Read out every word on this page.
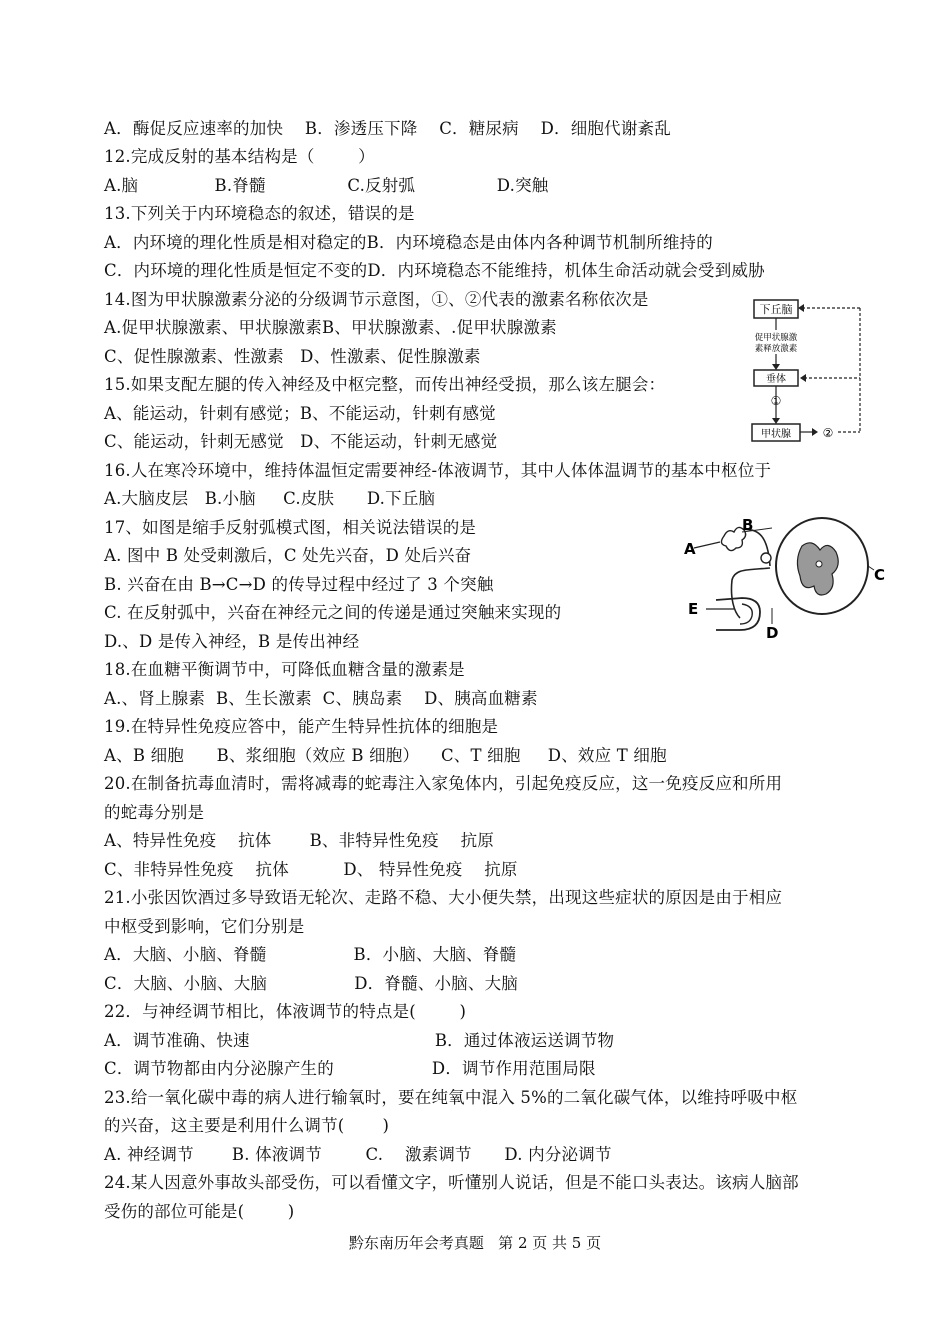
A．酶促反应速率的加快    B．渗透压下降    C．糖尿病    D．细胞代谢紊乱
12.完成反射的基本结构是（        ）
A.脑              B.脊髓               C.反射弧               D.突触
13.下列关于内环境稳态的叙述，错误的是
A．内环境的理化性质是相对稳定的B．内环境稳态是由体内各种调节机制所维持的
C．内环境的理化性质是恒定不变的D．内环境稳态不能维持，机体生命活动就会受到威胁
14.图为甲状腺激素分泌的分级调节示意图，①、②代表的激素名称依次是
A.促甲状腺激素、甲状腺激素B、甲状腺激素、.促甲状腺激素
C、促性腺激素、性激素   D、性激素、促性腺激素
15.如果支配左腿的传入神经及中枢完整，而传出神经受损，那么该左腿会：
A、能运动，针刺有感觉；B、不能运动，针刺有感觉
C、能运动，针刺无感觉   D、不能运动，针刺无感觉
16.人在寒冷环境中，维持体温恒定需要神经-体液调节，其中人体体温调节的基本中枢位于
A.大脑皮层   B.小脑     C.皮肤      D.下丘脑
17、如图是缩手反射弧模式图，相关说法错误的是
A. 图中 B 处受刺激后，C 处先兴奋，D 处后兴奋
B. 兴奋在由 B→C→D 的传导过程中经过了 3 个突触
C. 在反射弧中，兴奋在神经元之间的传递是通过突触来实现的
D.、D 是传入神经，B 是传出神经
18.在血糖平衡调节中，可降低血糖含量的激素是
A.、肾上腺素  B、生长激素  C、胰岛素    D、胰高血糖素
19.在特异性免疫应答中，能产生特异性抗体的细胞是
A、B 细胞      B、浆细胞（效应 B 细胞）    C、T 细胞     D、效应 T 细胞
20.在制备抗毒血清时，需将减毒的蛇毒注入家兔体内，引起免疫反应，这一免疫反应和所用
的蛇毒分别是
A、特异性免疫    抗体       B、非特异性免疫    抗原
C、非特异性免疫    抗体          D、 特异性免疫    抗原
21.小张因饮酒过多导致语无轮次、走路不稳、大小便失禁，出现这些症状的原因是由于相应
中枢受到影响，它们分别是
A．大脑、小脑、脊髓                B．小脑、大脑、脊髓
C．大脑、小脑、大脑                D．脊髓、小脑、大脑
22．与神经调节相比，体液调节的特点是(        )
A．调节准确、快速                                  B．通过体液运送调节物
C．调节物都由内分泌腺产生的                  D．调节作用范围局限
23.给一氧化碳中毒的病人进行输氧时，要在纯氧中混入 5%的二氧化碳气体，以维持呼吸中枢
的兴奋，这主要是利用什么调节(       )
A. 神经调节       B. 体液调节        C.    激素调节      D. 内分泌调节
24.某人因意外事故头部受伤，可以看懂文字，听懂别人说话，但是不能口头表达。该病人脑部
受伤的部位可能是(        )
下丘脑
促甲状腺激
素释放激素
垂体
①
甲状腺	②
A
B
C
D
E
黔东南历年会考真题   第 2 页 共 5 页
